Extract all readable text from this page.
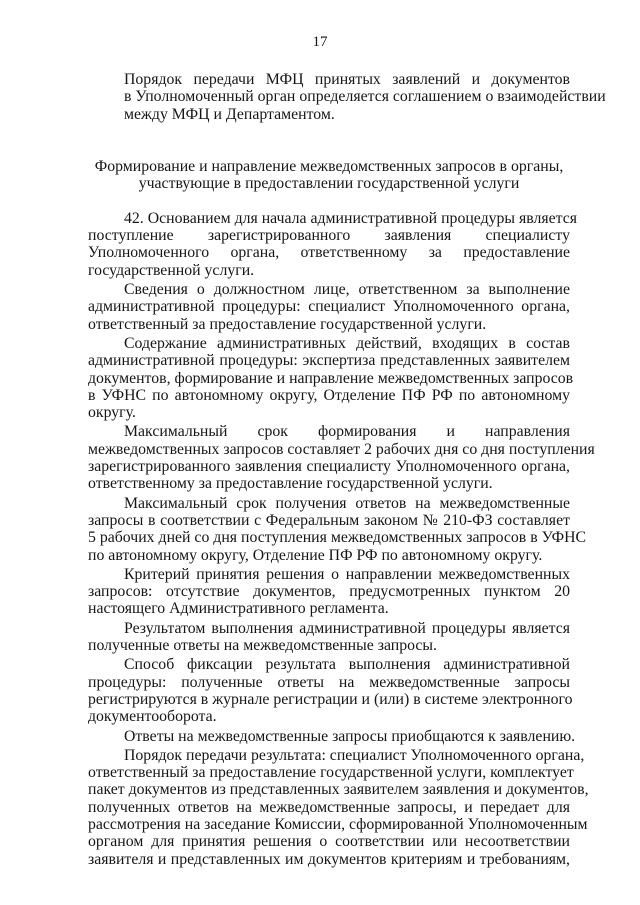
17

Порядок передачи МФЦ принятых заявлений и документов
в Уполномоченный орган определяется соглашением о взаимодействии
между МФЦ и Департаментом.

Формирование и направление межведомственных запросов в органы,
участвующие в предоставлении государственной услуги

42. Основанием для начала административной процедуры является
поступление зарегистрированного заявления специалисту
Уполномоченного органа, ответственному за предоставление
государственной услуги.

Сведения о должностном лице, ответственном за выполнение
административной процедуры: специалист Уполномоченного органа,
ответственный за предоставление государственной услуги.

Содержание административных действий, входящих в состав
административной процедуры: экспертиза представленных заявителем
документов, формирование и направление межведомственных запросов
в УФНС по автономному округу, Отделение ПФ РФ по автономному
округу.

Максимальный срок формирования и направления
межведомственных запросов составляет 2 рабочих дня со дня поступления
зарегистрированного заявления специалисту Уполномоченного органа,
ответственному за предоставление государственной услуги.

Максимальный срок получения ответов на межведомственные
запросы в соответствии с Федеральным законом № 210-ФЗ составляет
5 рабочих дней со дня поступления межведомственных запросов в УФНС
по автономному округу, Отделение ПФ РФ по автономному округу.

Критерий принятия решения о направлении межведомственных
запросов: отсутствие документов, предусмотренных пунктом 20
настоящего Административного регламента.

Результатом выполнения административной процедуры является
полученные ответы на межведомственные запросы.

Способ фиксации результата выполнения административной
процедуры: полученные ответы на межведомственные запросы
регистрируются в журнале регистрации и (или) в системе электронного
документооборота.

Ответы на межведомственные запросы приобщаются к заявлению.

Порядок передачи результата: специалист Уполномоченного органа,
ответственный за предоставление государственной услуги, комплектует
пакет документов из представленных заявителем заявления и документов,
полученных ответов на межведомственные запросы, и передает для
рассмотрения на заседание Комиссии, сформированной Уполномоченным
органом для принятия решения о соответствии или несоответствии
заявителя и представленных им документов критериям и требованиям,
